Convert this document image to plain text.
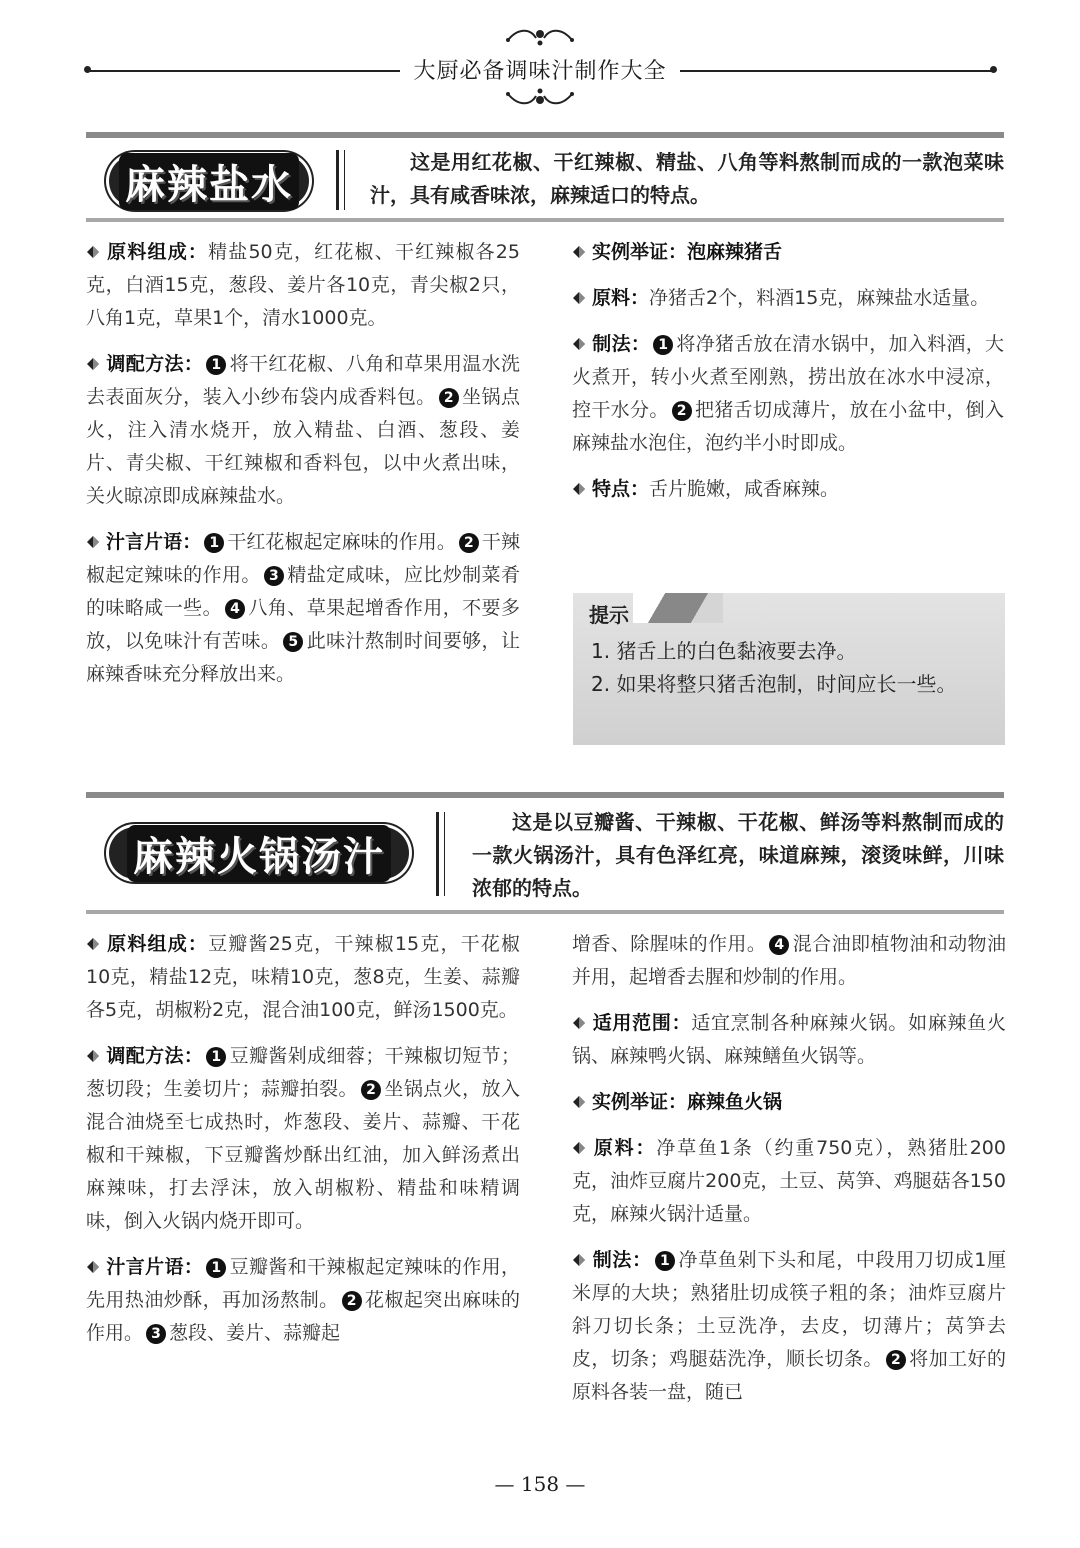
大厨必备调味汁制作大全
麻辣盐水	这是用红花椒、干红辣椒、精盐、八角等料熬制而成的一款泡菜味汁，具有咸香味浓，麻辣适口的特点。

原料组成：精盐50克，红花椒、干红辣椒各25克，白酒15克，葱段、姜片各10克，青尖椒2只，八角1克，草果1个，清水1000克。

调配方法： 1 将干红花椒、八角和草果用温水洗去表面灰分，装入小纱布袋内成香料包。 2 坐锅点火，注入清水烧开，放入精盐、白酒、葱段、姜片、青尖椒、干红辣椒和香料包，以中火煮出味，关火晾凉即成麻辣盐水。

汁言片语： 1 干红花椒起定麻味的作用。 2 干辣椒起定辣味的作用。 3 精盐定咸味，应比炒制菜肴的味略咸一些。 4 八角、草果起增香作用，不要多放，以免味汁有苦味。 5 此味汁熬制时间要够，让麻辣香味充分释放出来。

实例举证：泡麻辣猪舌

原料：净猪舌2个，料酒15克，麻辣盐水适量。

制法： 1 将净猪舌放在清水锅中，加入料酒，大火煮开，转小火煮至刚熟，捞出放在冰水中浸凉，控干水分。 2 把猪舌切成薄片，放在小盆中，倒入麻辣盐水泡住，泡约半小时即成。

特点：舌片脆嫩，咸香麻辣。

提示
1. 猪舌上的白色黏液要去净。
2. 如果将整只猪舌泡制，时间应长一些。
麻辣火锅汤汁
这是以豆瓣酱、干辣椒、干花椒、鲜汤等料熬制而成的一款火锅汤汁，具有色泽红亮，味道麻辣，滚烫味鲜，川味浓郁的特点。

原料组成：豆瓣酱25克，干辣椒15克，干花椒10克，精盐12克，味精10克，葱8克，生姜、蒜瓣各5克，胡椒粉2克，混合油100克，鲜汤1500克。

调配方法： 1 豆瓣酱剁成细蓉；干辣椒切短节；葱切段；生姜切片；蒜瓣拍裂。 2 坐锅点火，放入混合油烧至七成热时，炸葱段、姜片、蒜瓣、干花椒和干辣椒，下豆瓣酱炒酥出红油，加入鲜汤煮出麻辣味，打去浮沫，放入胡椒粉、精盐和味精调味，倒入火锅内烧开即可。

汁言片语： 1 豆瓣酱和干辣椒起定辣味的作用，先用热油炒酥，再加汤熬制。 2 花椒起突出麻味的作用。 3 葱段、姜片、蒜瓣起

增香、除腥味的作用。 4 混合油即植物油和动物油并用，起增香去腥和炒制的作用。

适用范围：适宜烹制各种麻辣火锅。如麻辣鱼火锅、麻辣鸭火锅、麻辣鳝鱼火锅等。

实例举证：麻辣鱼火锅

原料：净草鱼1条（约重750克），熟猪肚200克，油炸豆腐片200克，土豆、莴笋、鸡腿菇各150克，麻辣火锅汁适量。

制法： 1 净草鱼剁下头和尾，中段用刀切成1厘米厚的大块；熟猪肚切成筷子粗的条；油炸豆腐片斜刀切长条；土豆洗净，去皮，切薄片；莴笋去皮，切条；鸡腿菇洗净，顺长切条。 2 将加工好的原料各装一盘，随已

— 158 —
